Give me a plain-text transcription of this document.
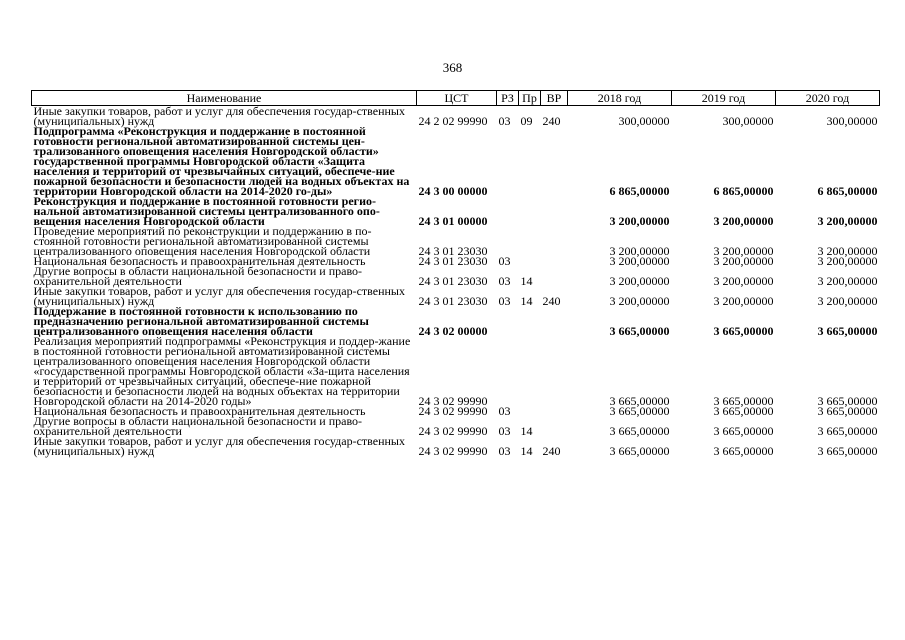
368
Наименование	ЦСТ	РЗ	Пр	ВР	2018 год	2019 год	2020 год
Иные закупки товаров, работ и услуг для обеспечения государ-ственных (муниципальных) нужд	24 2 02 99990	03	09	240	300,00000	300,00000	300,00000
Подпрограмма «Реконструкция и поддержание в постоянной готовности региональной автоматизированной системы цен-трализованного оповещения населения Новгородской области» государственной программы Новгородской области «Защита населения и территорий от чрезвычайных ситуаций, обеспече-ние пожарной безопасности и безопасности людей на водных объектах на территории Новгородской области на 2014-2020 го-ды»	24 3 00 00000				6 865,00000	6 865,00000	6 865,00000
Реконструкция и поддержание в постоянной готовности регио-нальной автоматизированной системы централизованного опо-вещения населения Новгородской области	24 3 01 00000				3 200,00000	3 200,00000	3 200,00000
Проведение мероприятий по реконструкции и поддержанию в по-стоянной готовности региональной автоматизированной системы централизованного оповещения населения Новгородской области	24 3 01 23030				3 200,00000	3 200,00000	3 200,00000
Национальная безопасность и правоохранительная деятельность	24 3 01 23030	03			3 200,00000	3 200,00000	3 200,00000
Другие вопросы в области национальной безопасности и право-охранительной деятельности	24 3 01 23030	03	14		3 200,00000	3 200,00000	3 200,00000
Иные закупки товаров, работ и услуг для обеспечения государ-ственных (муниципальных) нужд	24 3 01 23030	03	14	240	3 200,00000	3 200,00000	3 200,00000
Поддержание в постоянной готовности к использованию по предназначению региональной автоматизированной системы централизованного оповещения населения области	24 3 02 00000				3 665,00000	3 665,00000	3 665,00000
Реализация мероприятий подпрограммы «Реконструкция и поддер-жание в постоянной готовности региональной автоматизированной системы централизованного оповещения населения Новгородской области «государственной программы Новгородской области «За-щита населения и территорий от чрезвычайных ситуаций, обеспече-ние пожарной безопасности и безопасности людей на водных объектах на территории Новгородской области на 2014-2020 годы»	24 3 02 99990				3 665,00000	3 665,00000	3 665,00000
Национальная безопасность и правоохранительная деятельность	24 3 02 99990	03			3 665,00000	3 665,00000	3 665,00000
Другие вопросы в области национальной безопасности и право-охранительной деятельности	24 3 02 99990	03	14		3 665,00000	3 665,00000	3 665,00000
Иные закупки товаров, работ и услуг для обеспечения государ-ственных (муниципальных) нужд	24 3 02 99990	03	14	240	3 665,00000	3 665,00000	3 665,00000
